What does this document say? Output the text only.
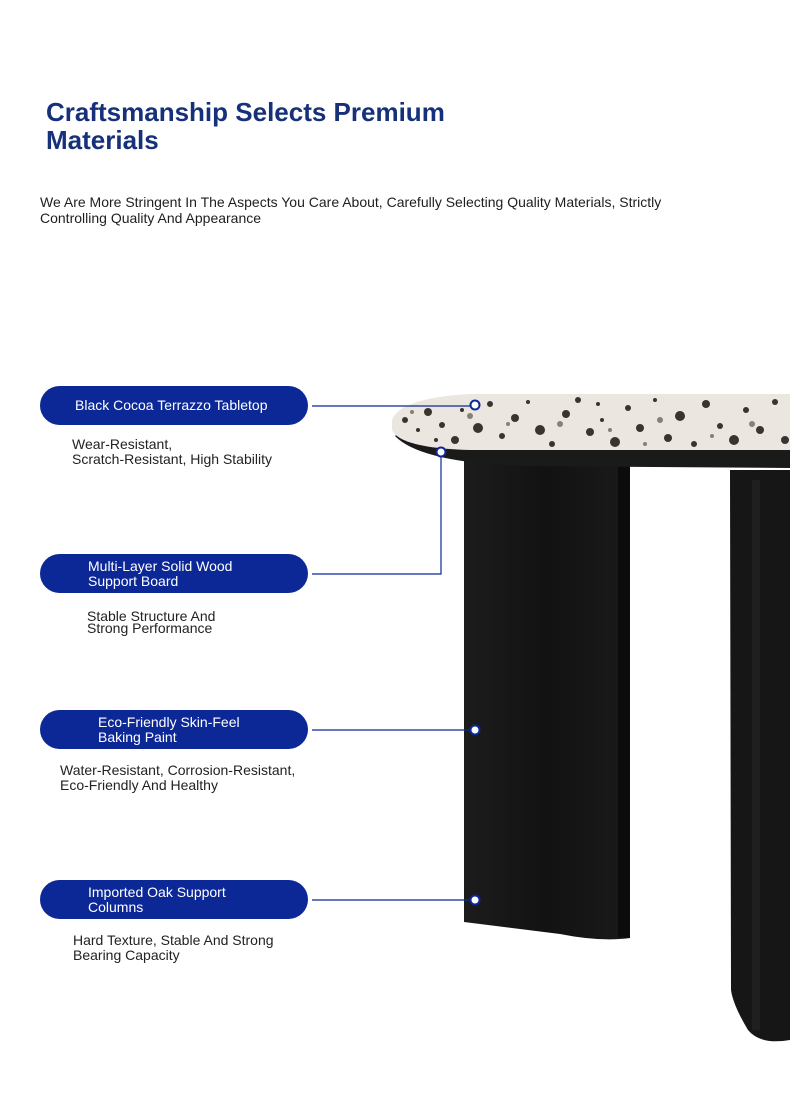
Craftsmanship Selects Premium
Materials

We Are More Stringent In The Aspects You Care About, Carefully Selecting Quality Materials, Strictly Controlling Quality And Appearance

Black Cocoa Terrazzo Tabletop
Wear-Resistant,
Scratch-Resistant, High Stability
Multi-Layer Solid Wood
Support Board
Stable Structure And
Strong Performance
Eco-Friendly Skin-Feel
Baking Paint
Water-Resistant, Corrosion-Resistant,
Eco-Friendly And Healthy
Imported Oak Support
Columns
Hard Texture, Stable And Strong
Bearing Capacity
